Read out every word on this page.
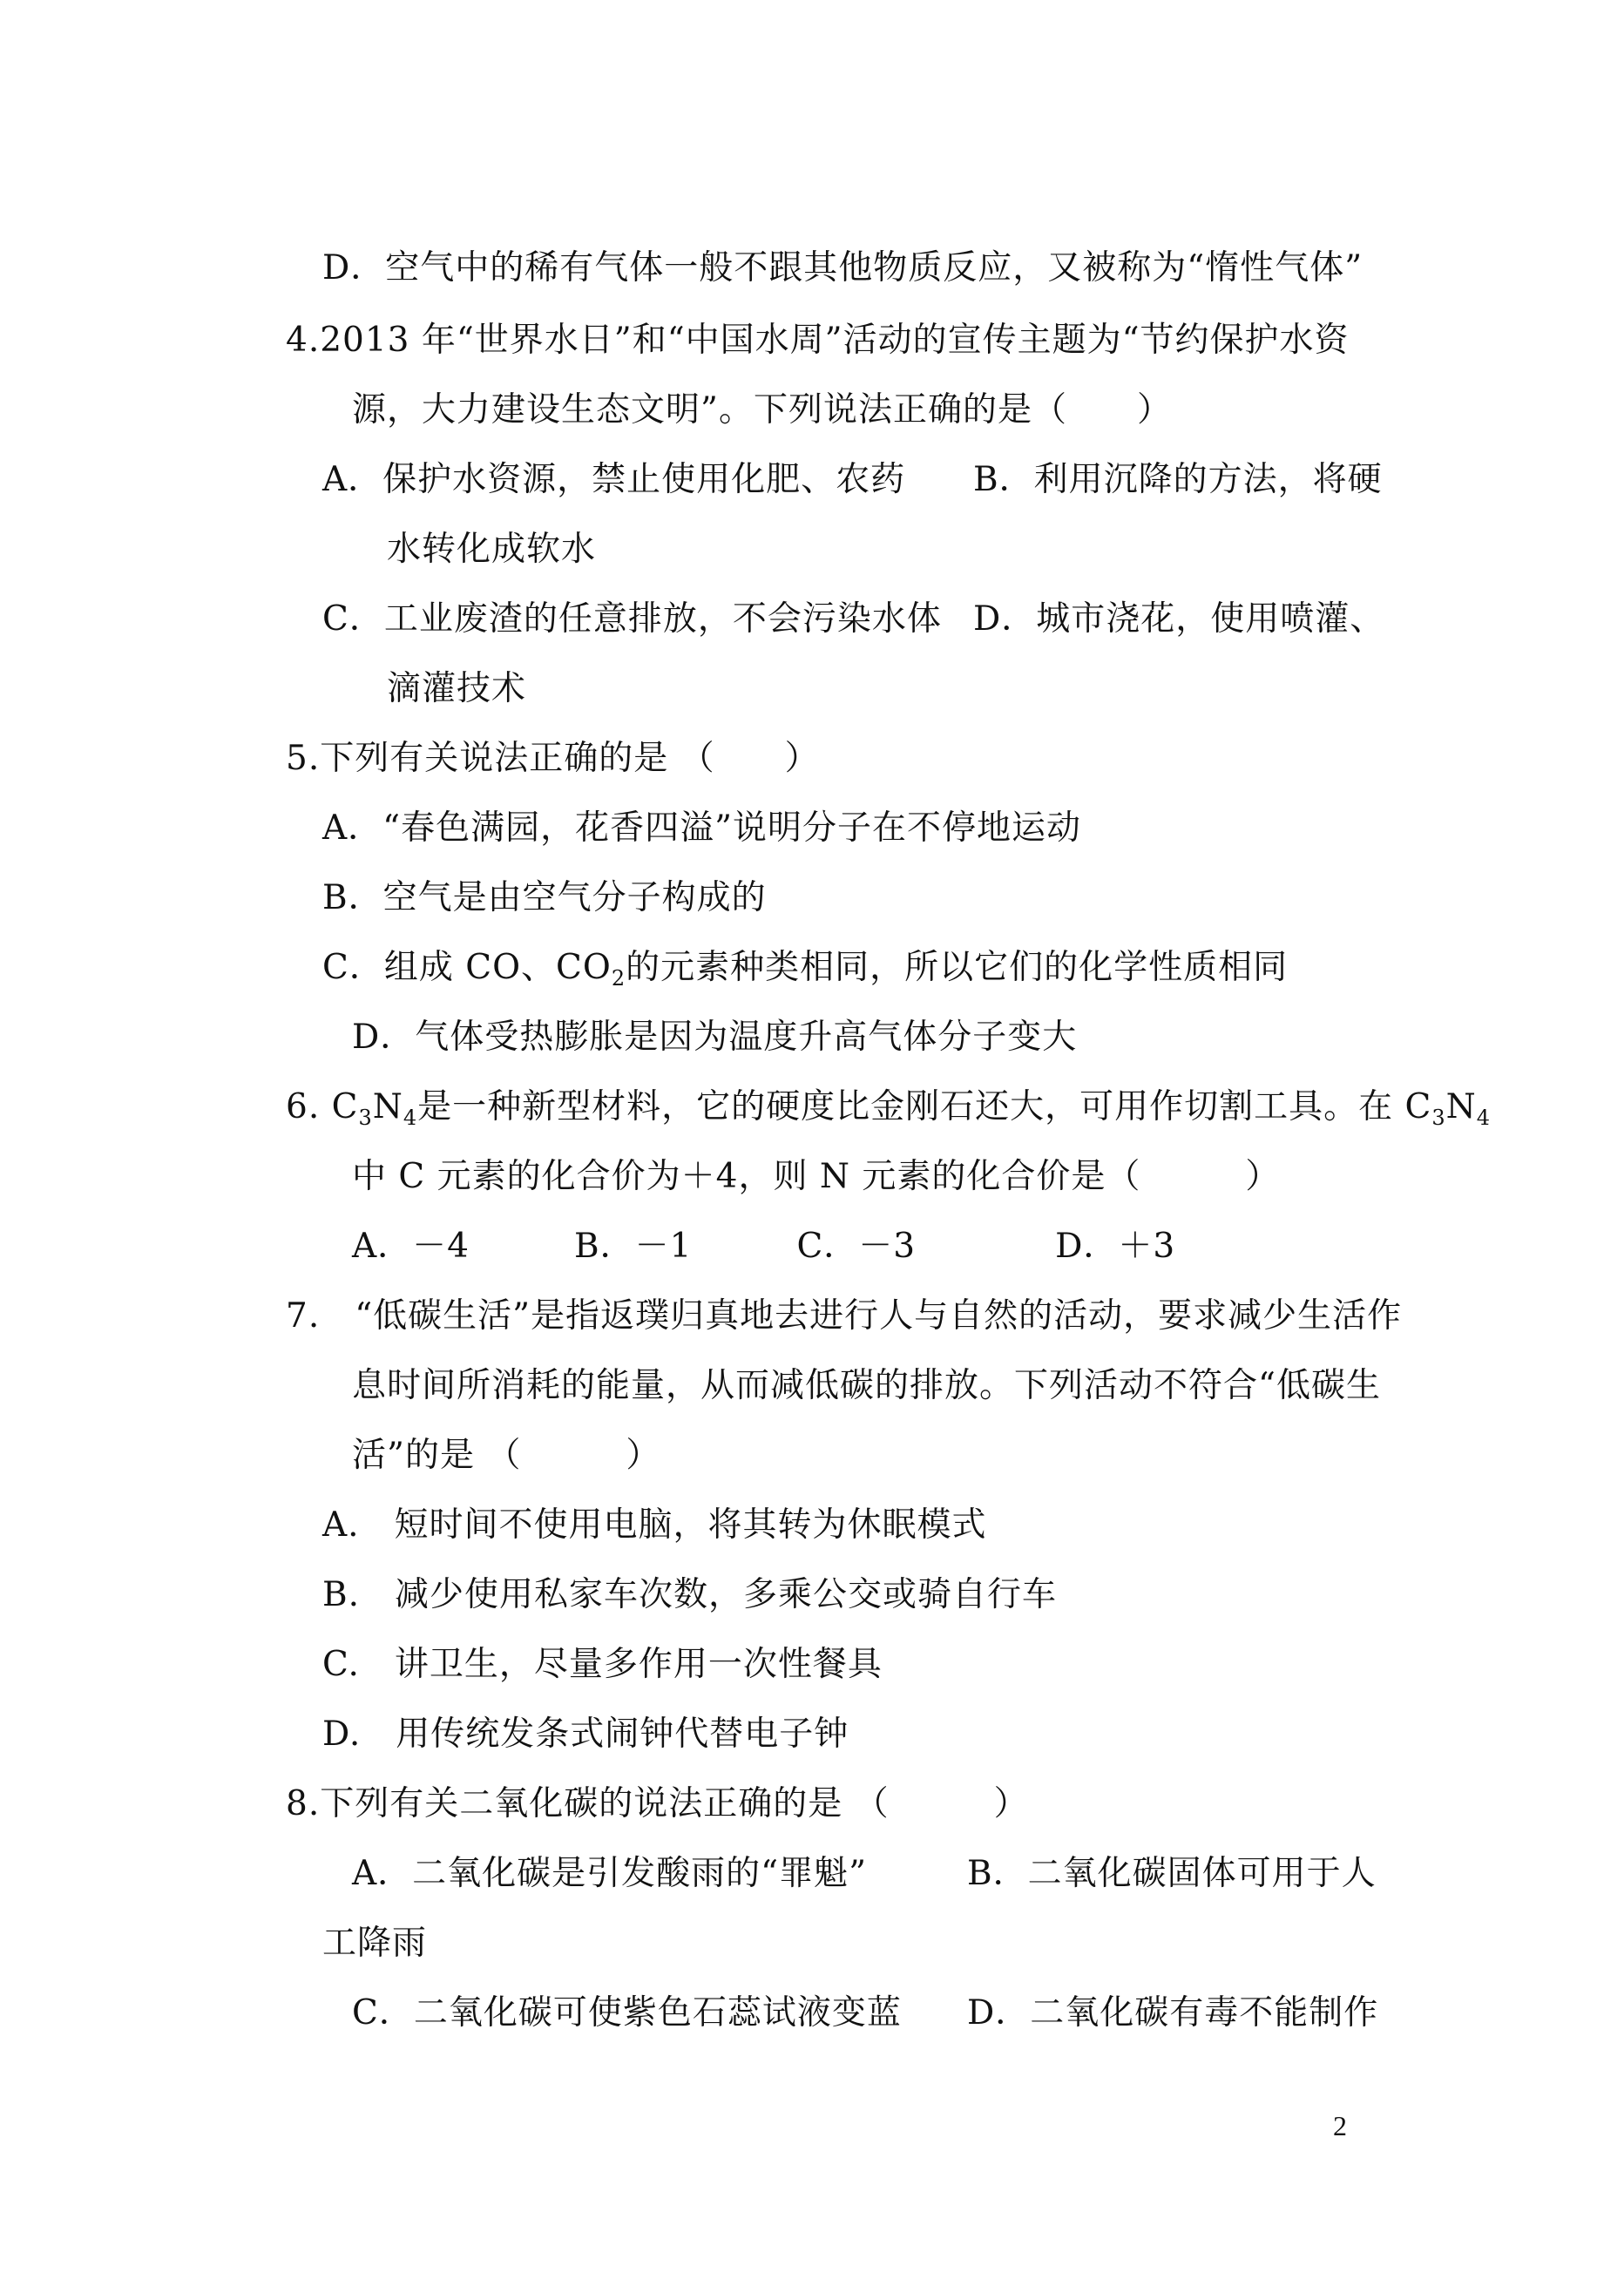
D．空气中的稀有气体一般不跟其他物质反应，又被称为“惰性气体”
4.2013 年“世界水日”和“中国水周”活动的宣传主题为“节约保护水资
源，大力建设生态文明”。下列说法正确的是（　　）
A．保护水资源，禁止使用化肥、农药 B．利用沉降的方法，将硬
水转化成软水
C．工业废渣的任意排放，不会污染水体 D．城市浇花，使用喷灌、
滴灌技术
5.下列有关说法正确的是 （　　）
A．“春色满园，花香四溢”说明分子在不停地运动
B．空气是由空气分子构成的
C．组成 CO、$CO_2$的元素种类相同，所以它们的化学性质相同
D．气体受热膨胀是因为温度升高气体分子变大
6. $C_3N_4$是一种新型材料，它的硬度比金刚石还大，可用作切割工具。在 $C_3N_4$
中 C 元素的化合价为＋4，则 N 元素的化合价是（　　　）
A．－4　　　B．－1　　　C．－3　　　　D．＋3
7.　“低碳生活”是指返璞归真地去进行人与自然的活动，要求减少生活作
息时间所消耗的能量，从而减低碳的排放。下列活动不符合“低碳生
活”的是 （　　　）
A.　短时间不使用电脑，将其转为休眠模式
B.　减少使用私家车次数，多乘公交或骑自行车
C.　讲卫生，尽量多作用一次性餐具
D.　用传统发条式闹钟代替电子钟
8.下列有关二氧化碳的说法正确的是 （　　　）
A．二氧化碳是引发酸雨的“罪魁”	B．二氧化碳固体可用于人
工降雨
C．二氧化碳可使紫色石蕊试液变蓝 D．二氧化碳有毒不能制作
2
